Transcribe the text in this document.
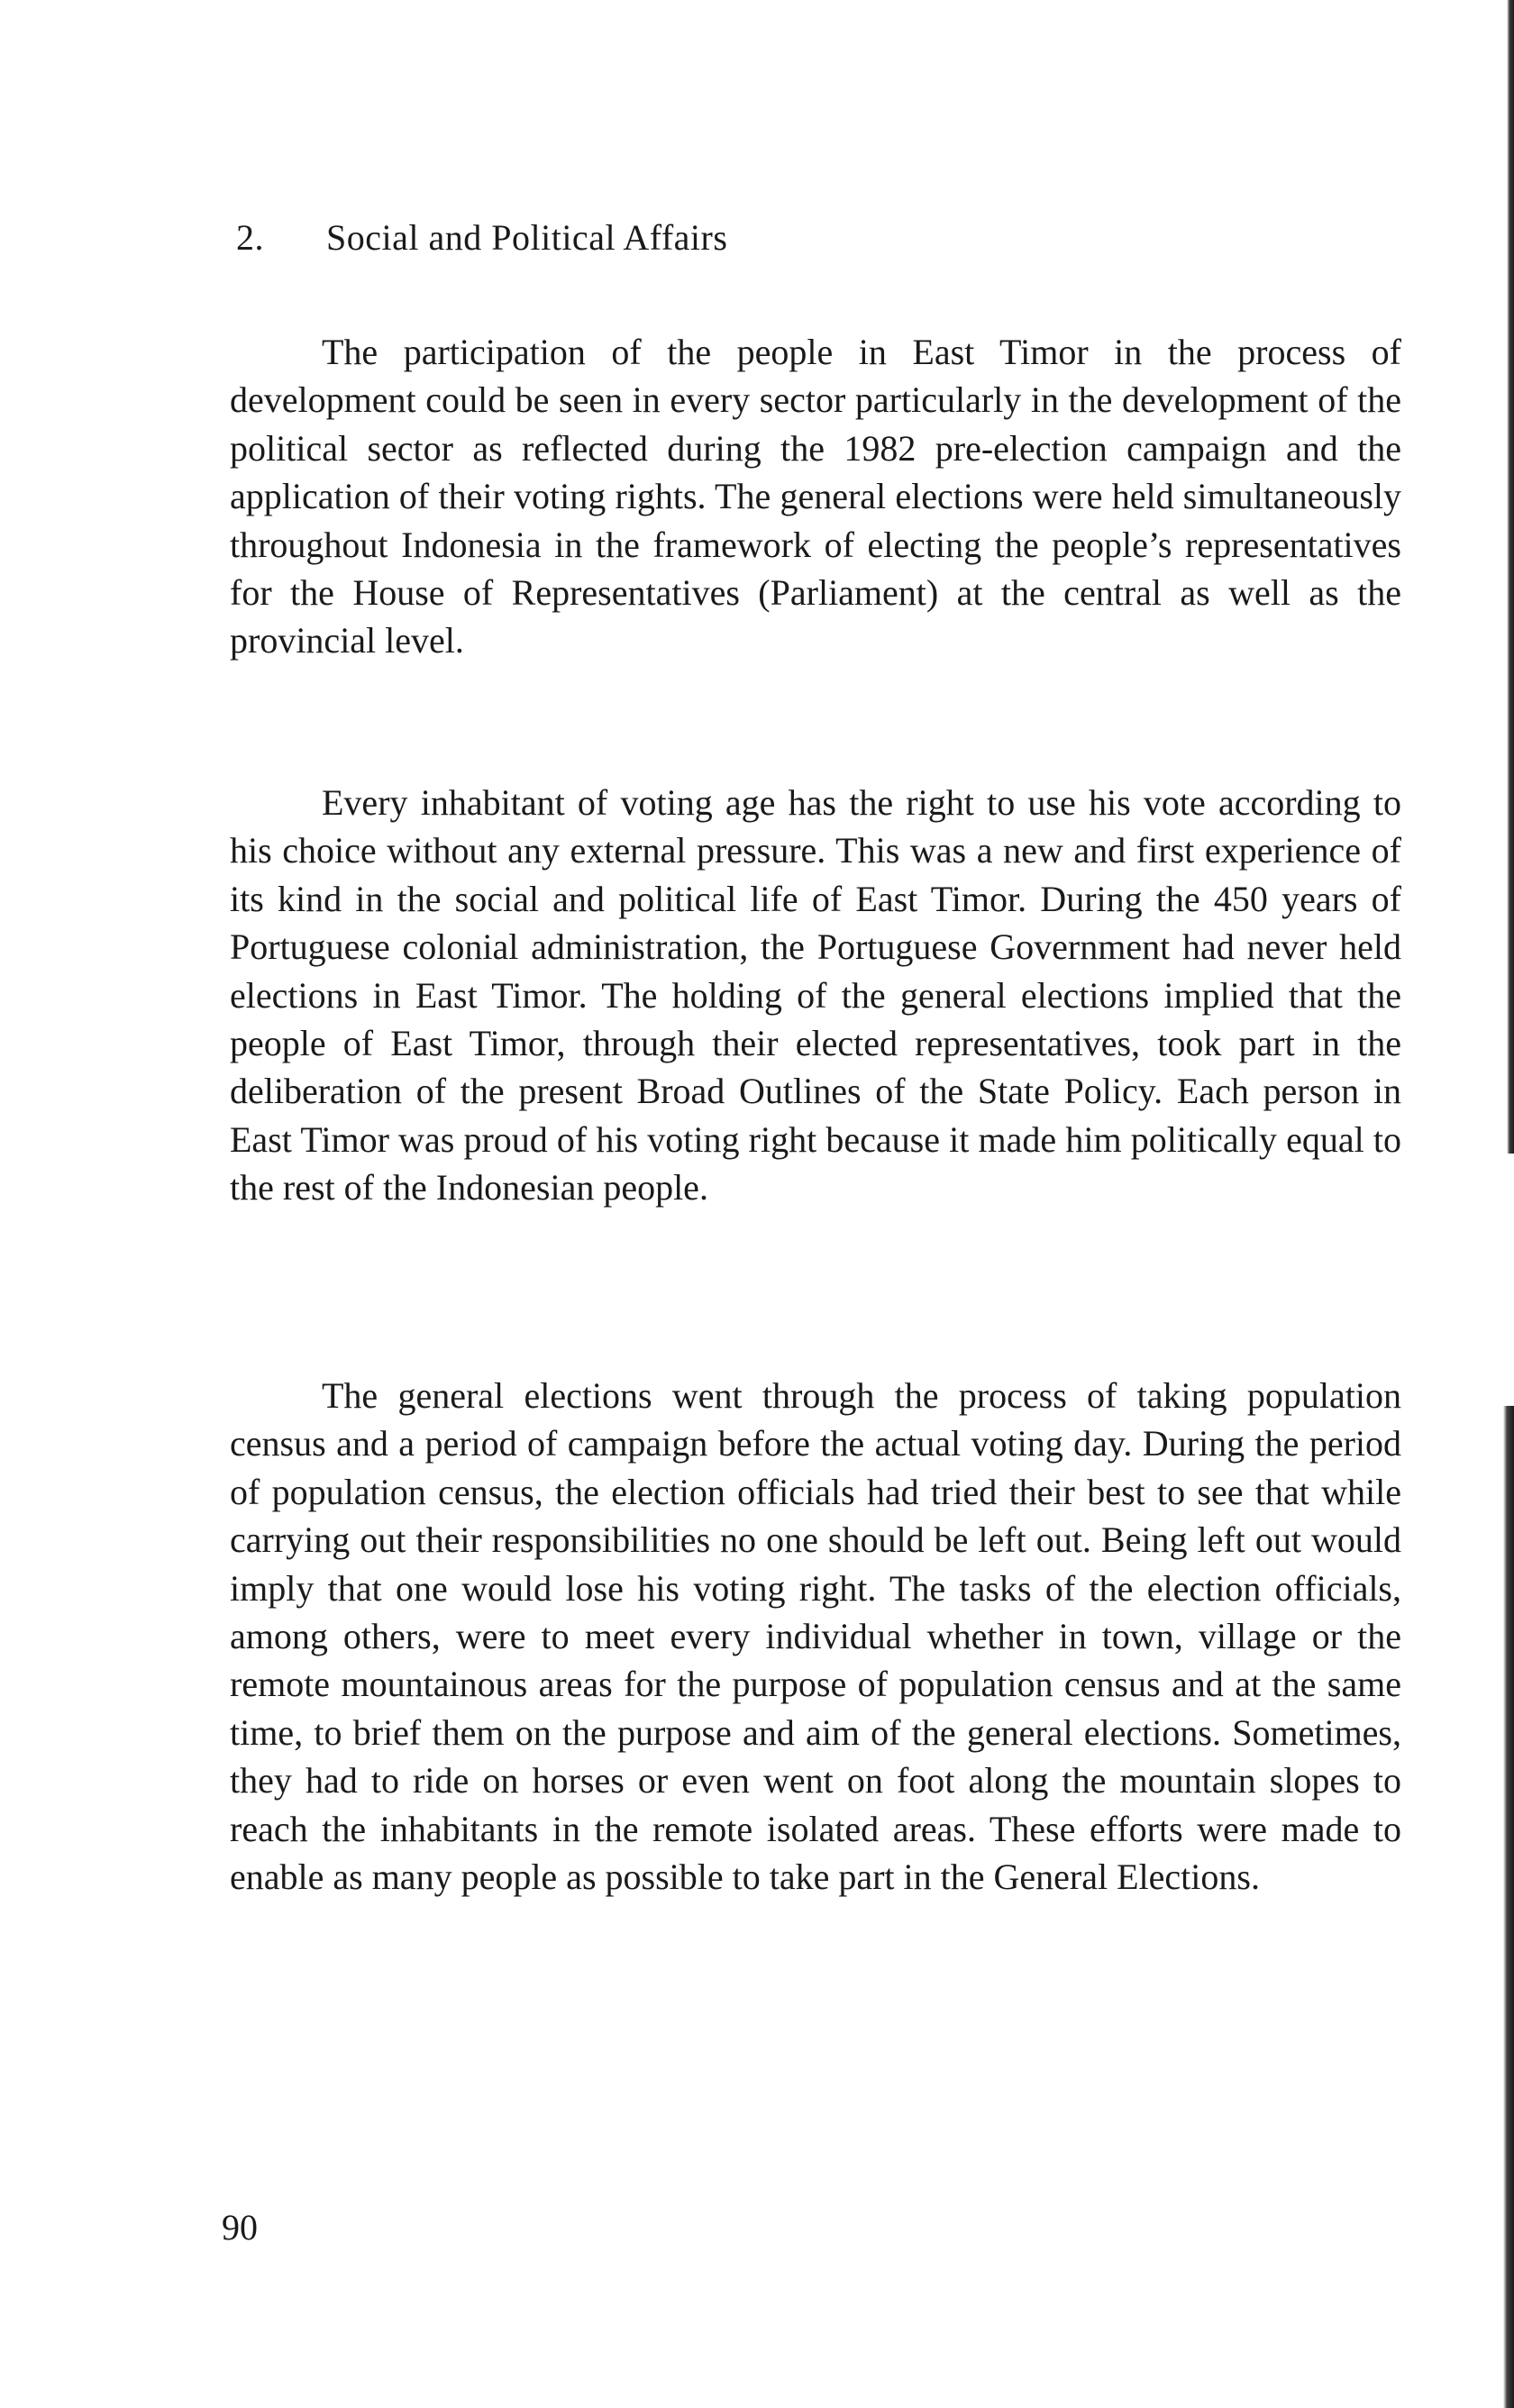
2. Social and Political Affairs

The participation of the people in East Timor in the process of development could be seen in every sector particularly in the development of the political sector as reflected during the 1982 pre-election campaign and the application of their voting rights. The general elections were held simultaneously throughout Indonesia in the framework of electing the people’s representatives for the House of Representatives (Parliament) at the central as well as the provincial level.

Every inhabitant of voting age has the right to use his vote according to his choice without any external pressure. This was a new and first experience of its kind in the social and political life of East Timor. During the 450 years of Portuguese colonial administration, the Portuguese Government had never held elections in East Timor. The holding of the general elections implied that the people of East Timor, through their elected representatives, took part in the deliberation of the present Broad Outlines of the State Policy. Each person in East Timor was proud of his voting right because it made him politically equal to the rest of the Indonesian people.

The general elections went through the process of taking population census and a period of campaign before the actual voting day. During the period of population census, the election officials had tried their best to see that while carrying out their responsibilities no one should be left out. Being left out would imply that one would lose his voting right. The tasks of the election officials, among others, were to meet every individual whether in town, village or the remote mountainous areas for the purpose of population census and at the same time, to brief them on the purpose and aim of the general elections. Sometimes, they had to ride on horses or even went on foot along the mountain slopes to reach the inhabitants in the remote isolated areas. These efforts were made to enable as many people as possible to take part in the General Elections.

90
